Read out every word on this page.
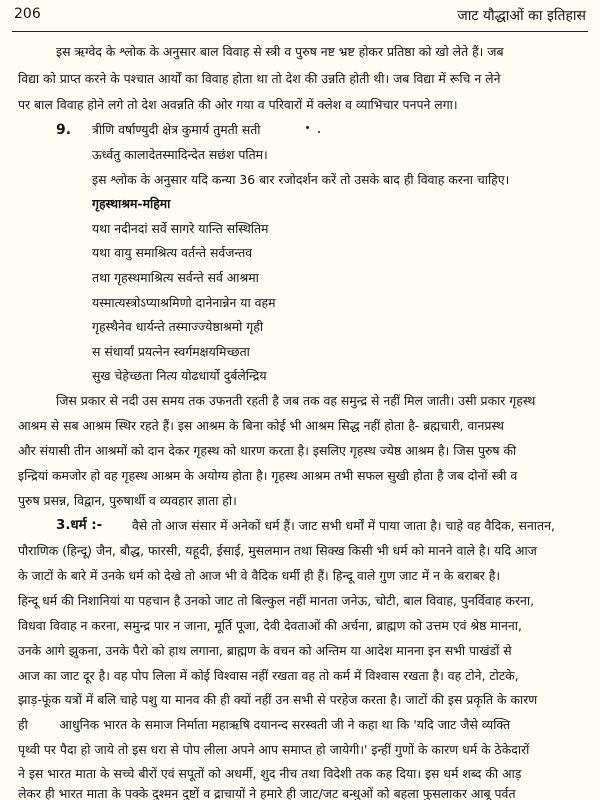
206	जाट यौद्धाओं का इतिहास
इस ऋग्वेद के श्लोक के अनुसार बाल विवाह से स्त्री व पुरुष नष्ट भ्रष्ट होकर प्रतिष्ठा को खो लेते हैं। जब
विद्या को प्राप्त करने के पश्चात आर्यों का विवाह होता था तो देश की उन्नति होती थी। जब विद्या में रूचि न लेने
पर बाल विवाह होने लगे तो देश अवन्नति की ओर गया व परिवारों में क्लेश व व्याभिचार पनपने लगा।
9.	त्रीणि वर्षाण्युदी क्षेत्र कुमार्य तुमती सती
ऊर्ध्वतु कालादेतस्मादिन्देत सछंश पतिम।
इस श्लोक के अनुसार यदि कन्या 36 बार रजोदर्शन करें तो उसके बाद ही विवाह करना चाहिए।
गृहस्थाश्रम-महिमा
यथा नदीनदां सर्वे सागरे यान्ति सस्थितिम
यथा वायु समाश्रित्य वर्तन्ते सर्वजन्तव
तथा गृहस्थमाश्रित्य सर्वन्ते सर्व आश्रमा
यस्मात्यस्त्रोऽप्याश्रमिणो दानेनान्नेन या वहम
गृहस्थैनेव धार्यन्ते तस्माज्ज्येष्ठाश्रमो गृही
स संधार्यां प्रयत्नेन स्वर्गमक्षयमिच्छता
सुख चेहेच्छता नित्य योढधार्यो दुर्बलेन्द्रिय
जिस प्रकार से नदी उस समय तक उफनती रहती है जब तक वह समुन्द्र से नहीं मिल जाती। उसी प्रकार गृहस्थ
आश्रम से सब आश्रम स्थिर रहते हैं। इस आश्रम के बिना कोई भी आश्रम सिद्ध नहीं होता है- ब्रह्मचारी, वानप्रस्थ
और संयासी तीन आश्रमों को दान देकर गृहस्थ को धारण करता है। इसलिए गृहस्थ ज्येष्ठ आश्रम है। जिस पुरुष की
इन्द्रियां कमजोर हो वह गृहस्थ आश्रम के अयोग्य होता है। गृहस्थ आश्रम तभी सफल सुखी होता है जब दोनों स्त्री व
पुरुष प्रसन्न, विद्वान, पुरुषार्थी व व्यवहार ज्ञाता हो।
3.धर्म :-	वैसे तो आज संसार में अनेकों धर्म हैं। जाट सभी धर्मों में पाया जाता है। चाहे वह वैदिक, सनातन,
पौराणिक (हिन्दू) जैन, बौद्ध, फारसी, यहूदी, ईसाई, मुसलमान तथा सिक्ख किसी भी धर्म को मानने वाले है। यदि आज
के जाटों के बारे में उनके धर्म को देखे तो आज भी वे वैदिक धर्मी ही हैं। हिन्दू वाले गुण जाट में न के बराबर है।
हिन्दू धर्म की निशानियां या पहचान है उनको जाट तो बिल्कुल नहीं मानता जनेऊ, चोटी, बाल विवाह, पुनर्विवाह करना,
विधवा विवाह न करना, समुन्द्र पार न जाना, मूर्ति पूजा, देवी देवताओं की अर्चना, ब्राह्मण को उत्तम एवं श्रेष्ठ मानना,
उनके आगे झुकना, उनके पैरो को हाथ लगाना, ब्राह्मण के वचन को अन्तिम या आदेश मानना इन सभी पाखंडों से
आज का जाट दूर है। वह पोप लिला में कोई विश्वास नहीं रखता वह तो कर्म में विश्वास रखता है। वह टोने, टोटके,
झाड़-फूंक यत्रों में बलि चाहे पशु या मानव की ही क्यों नहीं उन सभी से परहेज करता है। जाटों की इस प्रकृति के कारण
ही        आधुनिक भारत के समाज निर्माता महाऋषि दयानन्द सरस्वती जी ने कहा था कि 'यदि जाट जैसे व्यक्ति
पृथ्वी पर पैदा हो जाये तो इस धरा से पोप लीला अपने आप समाप्त हो जायेगी।' इन्हीं गुणों के कारण धर्म के ठेकेदारों
ने इस भारत माता के सच्चे बीरों एवं सपूतों को अधर्मी, शुद नीच तथा विदेशी तक कह दिया। इस धर्म शब्द की आड़
लेकर ही भारत माता के पक्के दुश्मन दुष्टों व द्राचायों ने हमारे ही जाट/जट बन्धुओं को बहला फुसलाकर आबू पर्वत
